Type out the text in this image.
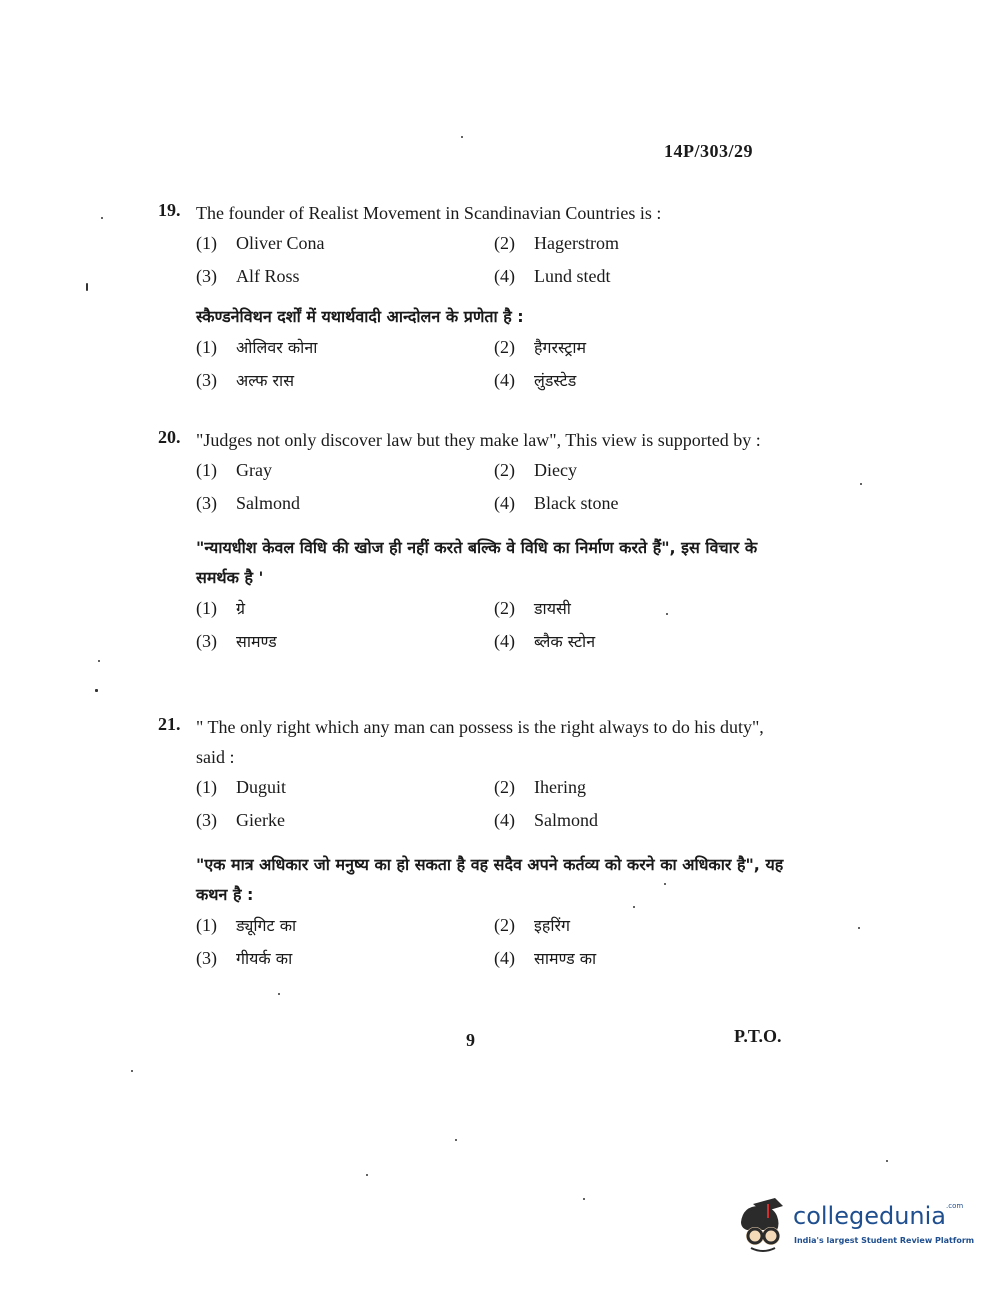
14P/303/29
19. The founder of Realist Movement in Scandinavian Countries is :
(1) Oliver Cona	(2) Hagerstrom
(3) Alf Ross	(4) Lund stedt
स्कैण्डनेविथन दर्शों में यथार्थवादी आन्दोलन के प्रणेता है :
(1) ओलिवर कोना	(2) हैगरस्ट्राम
(3) अल्फ रास	(4) लुंडस्टेड
20. "Judges not only discover law but they make law", This view is supported by :
(1) Gray	(2) Diecy
(3) Salmond	(4) Black stone
"न्यायधीश केवल विधि की खोज ही नहीं करते बल्कि वे विधि का निर्माण करते हैं", इस विचार के समर्थक है '
(1) ग्रे	(2) डायसी
(3) सामण्ड	(4) ब्लैक स्टोन
21. " The only right which any man can possess is the right always to do his duty", said :
(1) Duguit	(2) Ihering
(3) Gierke	(4) Salmond
"एक मात्र अधिकार जो मनुष्य का हो सकता है वह सदैव अपने कर्तव्य को करने का अधिकार है", यह कथन है :
(1) ड्यूगिट का	(2) इहरिंग
(3) गीयर्क का	(4) सामण्ड का
9	P.T.O.
collegedunia$^{.com}$
India's largest Student Review Platform
